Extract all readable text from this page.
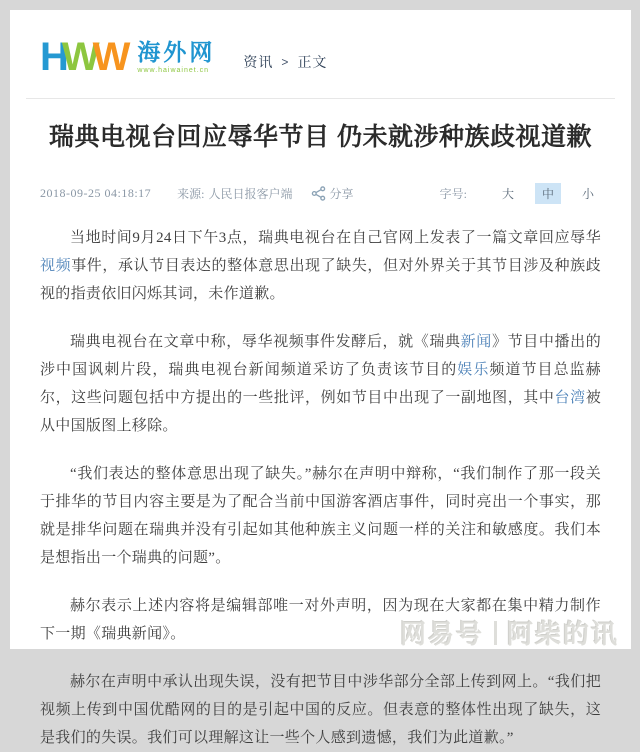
HWW 海外网
www.haiwainet.cn	资讯 > 正文
瑞典电视台回应辱华节目 仍未就涉种族歧视道歉
2018-09-25 04:18:17 来源: 人民日报客户端	分享	字号:	大	中	小

当地时间9月24日下午3点，瑞典电视台在自己官网上发表了一篇文章回应辱华视频事件，承认节目表达的整体意思出现了缺失，但对外界关于其节目涉及种族歧视的指责依旧闪烁其词，未作道歉。

瑞典电视台在文章中称，辱华视频事件发酵后，就《瑞典新闻》节目中播出的涉中国讽刺片段，瑞典电视台新闻频道采访了负责该节目的娱乐频道节目总监赫尔，这些问题包括中方提出的一些批评，例如节目中出现了一副地图，其中台湾被从中国版图上移除。

“我们表达的整体意思出现了缺失。”赫尔在声明中辩称，“我们制作了那一段关于排华的节目内容主要是为了配合当前中国游客酒店事件，同时亮出一个事实，那就是排华问题在瑞典并没有引起如其他种族主义问题一样的关注和敏感度。我们本是想指出一个瑞典的问题”。

赫尔表示上述内容将是编辑部唯一对外声明，因为现在大家都在集中精力制作下一期《瑞典新闻》。

赫尔在声明中承认出现失误，没有把节目中涉华部分全部上传到网上。“我们把视频上传到中国优酷网的目的是引起中国的反应。但表意的整体性出现了缺失，这是我们的失误。我们可以理解这让一些个人感到遗憾，我们为此道歉。”

网易号 阿柴的讯
